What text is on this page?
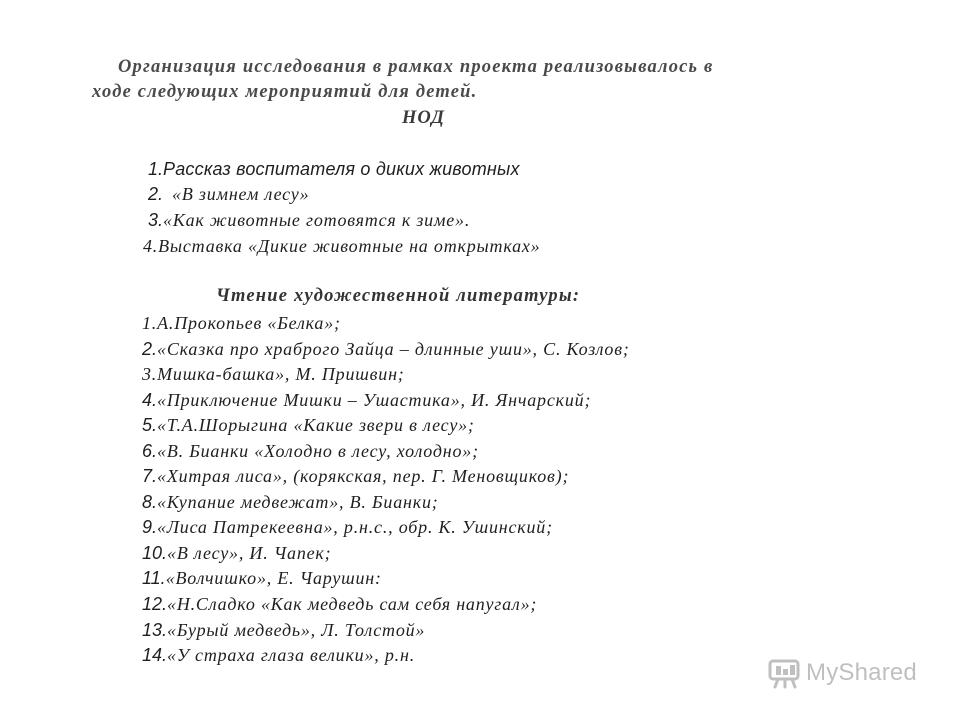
Организация исследования в рамках проекта реализовывалось в
ходе следующих мероприятий для детей.
НОД
1.Рассказ воспитателя о диких животных
2. «В зимнем лесу»
3.«Как животные готовятся к зиме».
4.Выставка «Дикие животные на открытках»
Чтение художественной литературы:
1.А.Прокопьев «Белка»;
2.«Сказка про храброго Зайца – длинные уши», С. Козлов;
3.Мишка-башка», М. Пришвин;
4.«Приключение Мишки – Ушастика», И. Янчарский;
5.«Т.А.Шорыгина «Какие звери в лесу»;
6.«В. Бианки «Холодно в лесу, холодно»;
7.«Хитрая лиса», (корякская, пер. Г. Меновщиков);
8.«Купание медвежат», В. Бианки;
9.«Лиса Патрекеевна», р.н.с., обр. К. Ушинский;
10.«В лесу», И. Чапек;
11.«Волчишко», Е. Чарушин:
12.«Н.Сладко «Как медведь сам себя напугал»;
13.«Бурый медведь», Л. Толстой»
14.«У страха глаза велики», р.н.
MyShared
